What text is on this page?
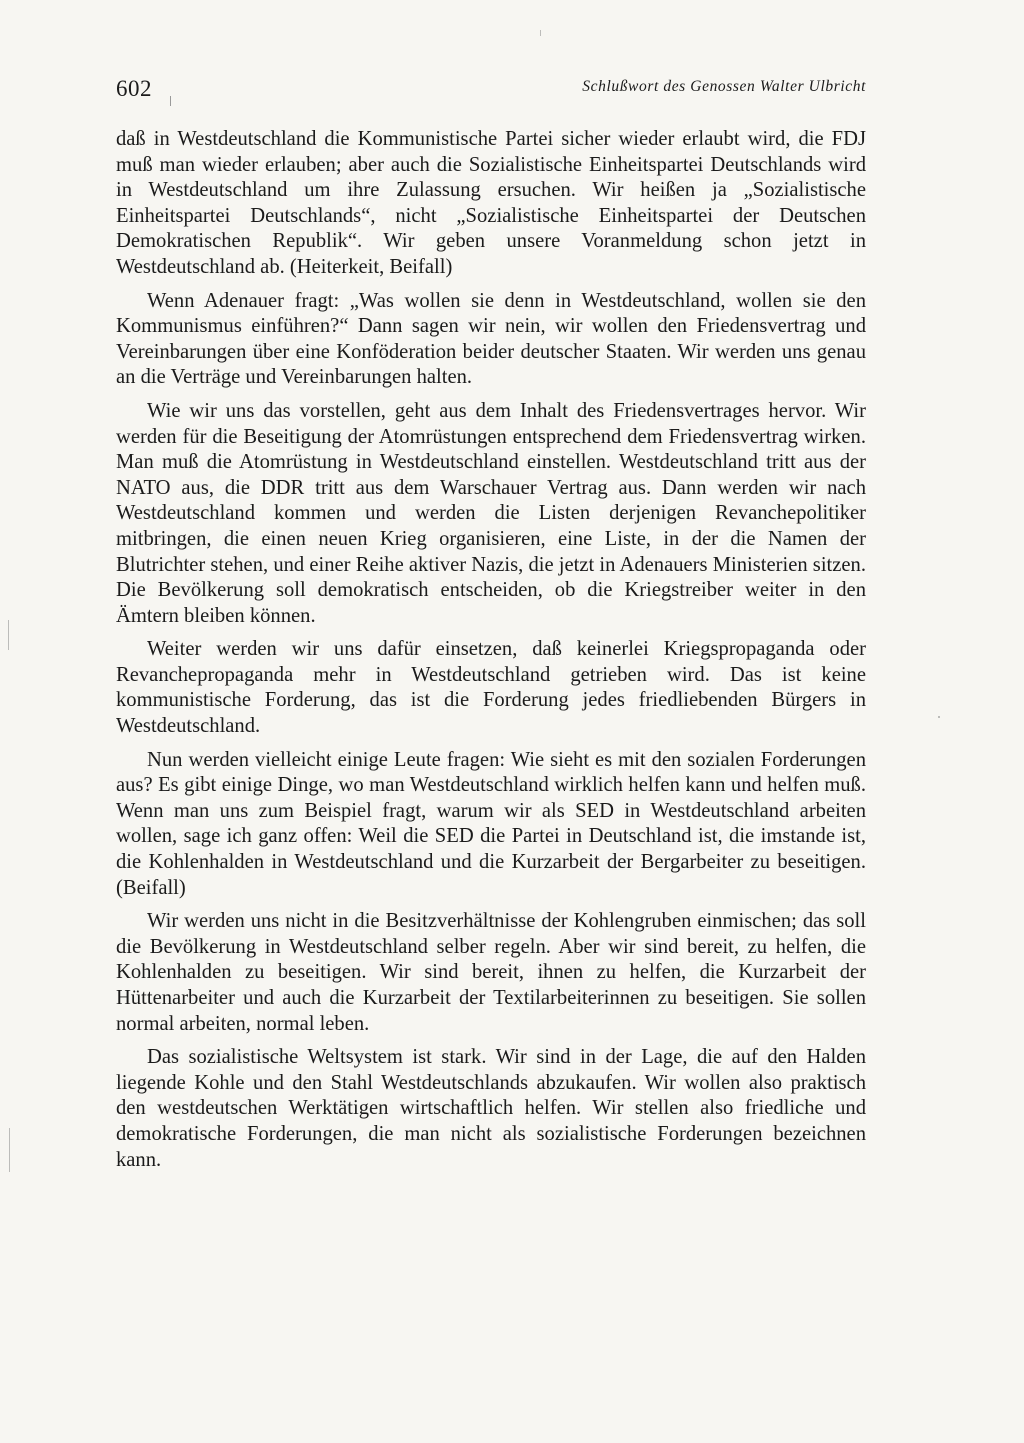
602	Schlußwort des Genossen Walter Ulbricht

daß in Westdeutschland die Kommunistische Partei sicher wieder erlaubt wird, die FDJ muß man wieder erlauben; aber auch die Sozialistische Einheitspartei Deutschlands wird in Westdeutschland um ihre Zulassung ersuchen. Wir heißen ja „Sozialistische Einheitspartei Deutschlands“, nicht „Sozialistische Einheitspartei der Deutschen Demokratischen Republik“. Wir geben unsere Voranmeldung schon jetzt in Westdeutschland ab. (Heiterkeit, Beifall)

Wenn Adenauer fragt: „Was wollen sie denn in Westdeutschland, wollen sie den Kommunismus einführen?“ Dann sagen wir nein, wir wollen den Friedensvertrag und Vereinbarungen über eine Konföderation beider deutscher Staaten. Wir werden uns genau an die Verträge und Vereinbarungen halten.

Wie wir uns das vorstellen, geht aus dem Inhalt des Friedensvertrages hervor. Wir werden für die Beseitigung der Atomrüstungen entsprechend dem Friedensvertrag wirken. Man muß die Atomrüstung in Westdeutschland einstellen. Westdeutschland tritt aus der NATO aus, die DDR tritt aus dem Warschauer Vertrag aus. Dann werden wir nach Westdeutschland kommen und werden die Listen derjenigen Revanchepolitiker mitbringen, die einen neuen Krieg organisieren, eine Liste, in der die Namen der Blutrichter stehen, und einer Reihe aktiver Nazis, die jetzt in Adenauers Ministerien sitzen. Die Bevölkerung soll demokratisch entscheiden, ob die Kriegstreiber weiter in den Ämtern bleiben können.

Weiter werden wir uns dafür einsetzen, daß keinerlei Kriegspropaganda oder Revanchepropaganda mehr in Westdeutschland getrieben wird. Das ist keine kommunistische Forderung, das ist die Forderung jedes friedliebenden Bürgers in Westdeutschland.

Nun werden vielleicht einige Leute fragen: Wie sieht es mit den sozialen Forderungen aus? Es gibt einige Dinge, wo man Westdeutschland wirklich helfen kann und helfen muß. Wenn man uns zum Beispiel fragt, warum wir als SED in Westdeutschland arbeiten wollen, sage ich ganz offen: Weil die SED die Partei in Deutschland ist, die imstande ist, die Kohlenhalden in Westdeutschland und die Kurzarbeit der Bergarbeiter zu beseitigen. (Beifall)

Wir werden uns nicht in die Besitzverhältnisse der Kohlengruben einmischen; das soll die Bevölkerung in Westdeutschland selber regeln. Aber wir sind bereit, zu helfen, die Kohlenhalden zu beseitigen. Wir sind bereit, ihnen zu helfen, die Kurzarbeit der Hüttenarbeiter und auch die Kurzarbeit der Textilarbeiterinnen zu beseitigen. Sie sollen normal arbeiten, normal leben.

Das sozialistische Weltsystem ist stark. Wir sind in der Lage, die auf den Halden liegende Kohle und den Stahl Westdeutschlands abzukaufen. Wir wollen also praktisch den westdeutschen Werktätigen wirtschaftlich helfen. Wir stellen also friedliche und demokratische Forderungen, die man nicht als sozialistische Forderungen bezeichnen kann.
